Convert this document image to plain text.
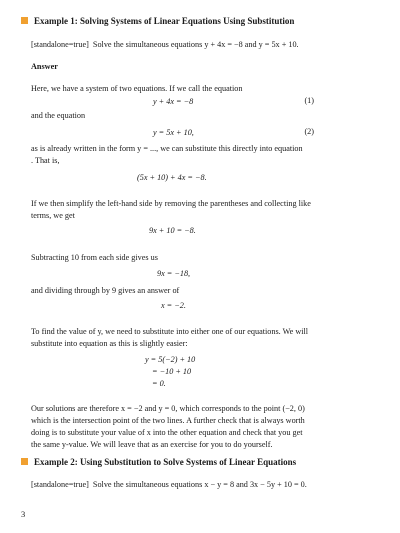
Example 1: Solving Systems of Linear Equations Using Substitution
[standalone=true] Solve the simultaneous equations y + 4x = −8 and y = 5x + 10.
Answer
Here, we have a system of two equations. If we call the equation
y + 4x = −8	(1)
and the equation
y = 5x + 10,	(2)
as is already written in the form y = ..., we can substitute this directly into equation
. That is,
(5x + 10) + 4x = −8.
If we then simplify the left-hand side by removing the parentheses and collecting like
terms, we get
9x + 10 = −8.
Subtracting 10 from each side gives us
9x = −18,
and dividing through by 9 gives an answer of
x = −2.
To find the value of y, we need to substitute into either one of our equations. We will
substitute into equation as this is slightly easier:
y = 5(−2) + 10
= −10 + 10
= 0.
Our solutions are therefore x = −2 and y = 0, which corresponds to the point (−2, 0)
which is the intersection point of the two lines. A further check that is always worth
doing is to substitute your value of x into the other equation and check that you get
the same y-value. We will leave that as an exercise for you to do yourself.
Example 2: Using Substitution to Solve Systems of Linear Equations
[standalone=true] Solve the simultaneous equations x − y = 8 and 3x − 5y + 10 = 0.
3
